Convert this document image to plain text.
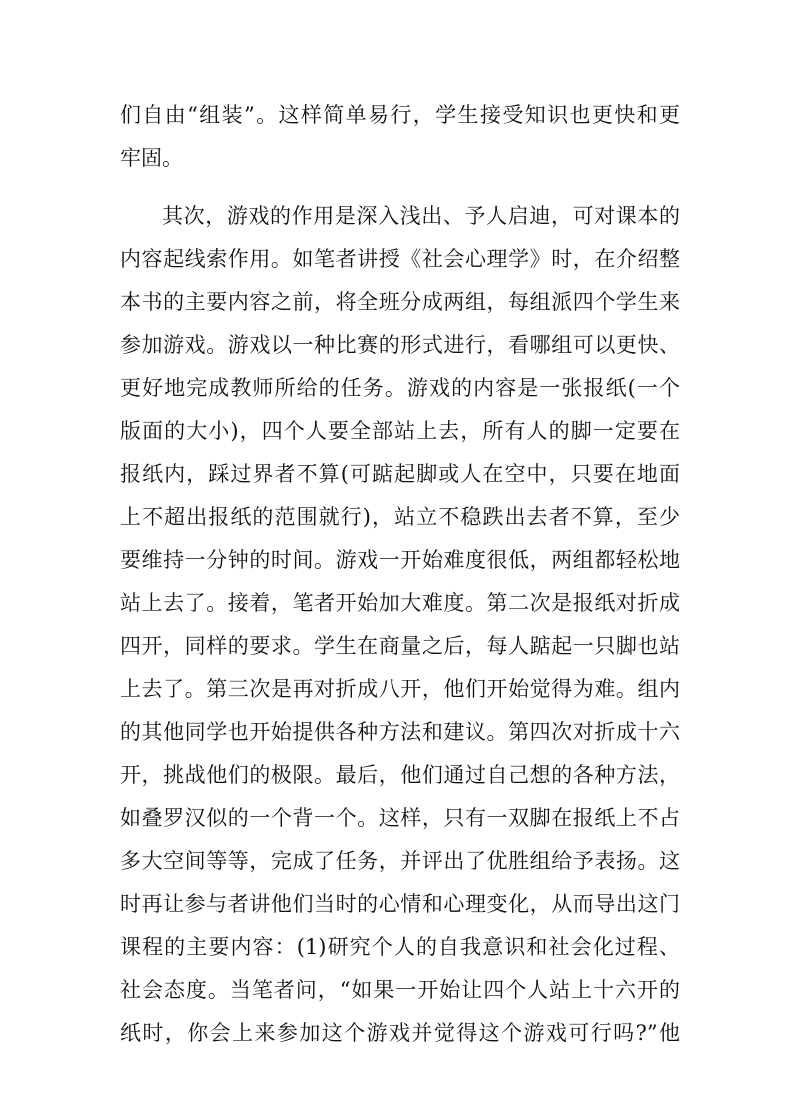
们自由“组装”。这样简单易行，学生接受知识也更快和更
牢固。
其次，游戏的作用是深入浅出、予人启迪，可对课本的
内容起线索作用。如笔者讲授《社会心理学》时，在介绍整
本书的主要内容之前，将全班分成两组，每组派四个学生来
参加游戏。游戏以一种比赛的形式进行，看哪组可以更快、
更好地完成教师所给的任务。游戏的内容是一张报纸(一个
版面的大小)，四个人要全部站上去，所有人的脚一定要在
报纸内，踩过界者不算(可踮起脚或人在空中，只要在地面
上不超出报纸的范围就行)，站立不稳跌出去者不算，至少
要维持一分钟的时间。游戏一开始难度很低，两组都轻松地
站上去了。接着，笔者开始加大难度。第二次是报纸对折成
四开，同样的要求。学生在商量之后，每人踮起一只脚也站
上去了。第三次是再对折成八开，他们开始觉得为难。组内
的其他同学也开始提供各种方法和建议。第四次对折成十六
开，挑战他们的极限。最后，他们通过自己想的各种方法，
如叠罗汉似的一个背一个。这样，只有一双脚在报纸上不占
多大空间等等，完成了任务，并评出了优胜组给予表扬。这
时再让参与者讲他们当时的心情和心理变化，从而导出这门
课程的主要内容：(1)研究个人的自我意识和社会化过程、
社会态度。当笔者问，“如果一开始让四个人站上十六开的
纸时，你会上来参加这个游戏并觉得这个游戏可行吗?”他
